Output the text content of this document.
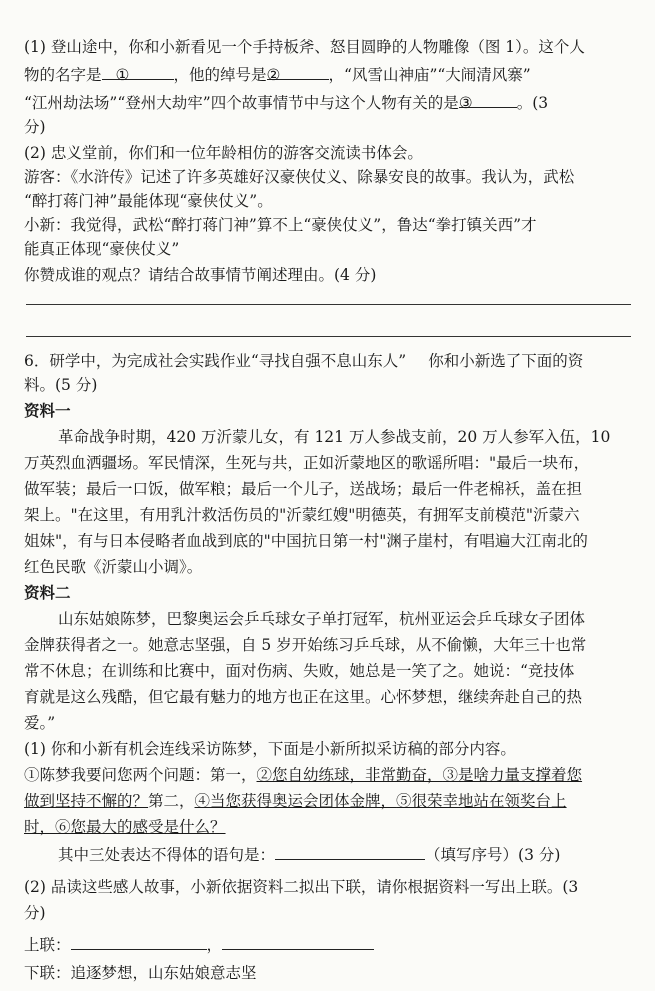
(1) 登山途中，你和小新看见一个手持板斧、怒目圆睁的人物雕像（图 1）。这个人
物的名字是 ①	，他的绰号是②	，“风雪山神庙”“大闹清风寨”
“江州劫法场”“登州大劫牢”四个故事情节中与这个人物有关的是③	。(3
分)
(2) 忠义堂前，你们和一位年龄相仿的游客交流读书体会。
游客：《水浒传》记述了许多英雄好汉豪侠仗义、除暴安良的故事。我认为，武松
“醉打蒋门神”最能体现“豪侠仗义”。
小新：我觉得，武松“醉打蒋门神”算不上“豪侠仗义”，鲁达“拳打镇关西”才
能真正体现“豪侠仗义”
你赞成谁的观点？请结合故事情节阐述理由。(4 分)
6．研学中，为完成社会实践作业“寻找自强不息山东人” 你和小新选了下面的资
料。(5 分)
资料一
革命战争时期，420 万沂蒙儿女，有 121 万人参战支前，20 万人参军入伍，10
万英烈血洒疆场。军民情深，生死与共，正如沂蒙地区的歌谣所唱："最后一块布，
做军装；最后一口饭，做军粮；最后一个儿子，送战场；最后一件老棉袄，盖在担
架上。"在这里，有用乳汁救活伤员的"沂蒙红嫂"明德英，有拥军支前模范"沂蒙六
姐妹"，有与日本侵略者血战到底的"中国抗日第一村"渊子崖村，有唱遍大江南北的
红色民歌《沂蒙山小调》。
资料二
山东姑娘陈梦，巴黎奥运会乒乓球女子单打冠军，杭州亚运会乒乓球女子团体
金牌获得者之一。她意志坚强，自 5 岁开始练习乒乓球，从不偷懒，大年三十也常
常不休息；在训练和比赛中，面对伤病、失败，她总是一笑了之。她说：“竞技体
育就是这么残酷，但它最有魅力的地方也正在这里。心怀梦想，继续奔赴自己的热
爱。”
(1) 你和小新有机会连线采访陈梦，下面是小新所拟采访稿的部分内容。
①陈梦我要问您两个问题：第一，②您自幼练球，非常勤奋，③是啥力量支撑着您
做到坚持不懈的？第二，④当您获得奥运会团体金牌，⑤很荣幸地站在领奖台上
时，⑥您最大的感受是什么？
其中三处表达不得体的语句是：	（填写序号）(3 分)
(2) 品读这些感人故事，小新依据资料二拟出下联，请你根据资料一写出上联。(3
分)
上联：	，
下联：追逐梦想，山东姑娘意志坚
